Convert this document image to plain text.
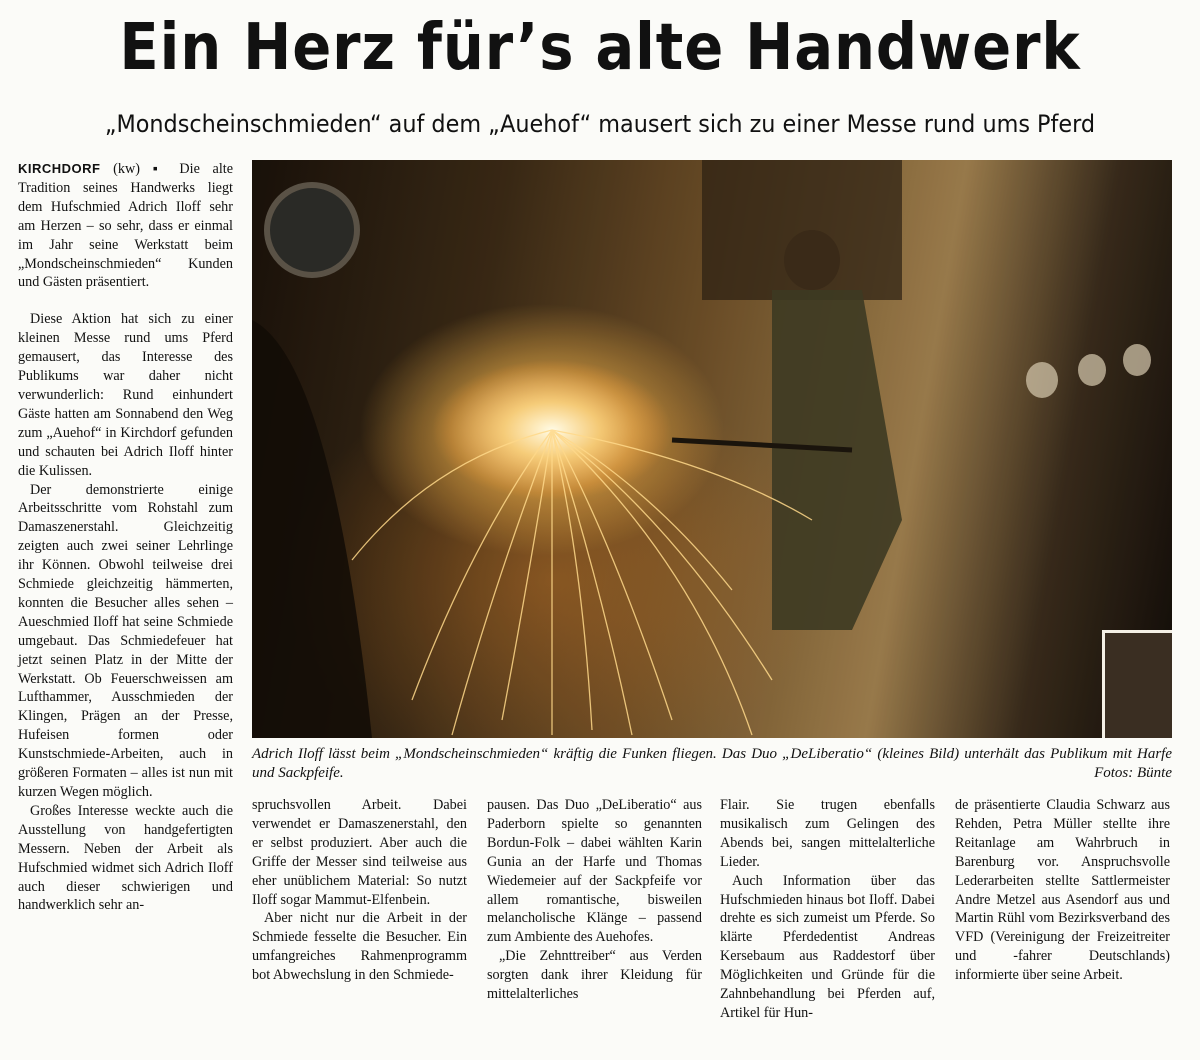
Ein Herz für’s alte Handwerk
„Mondscheinschmieden“ auf dem „Auehof“ mausert sich zu einer Messe rund ums Pferd

KIRCHDORF (kw) ▪ Die alte Tradition seines Handwerks liegt dem Hufschmied Adrich Iloff sehr am Herzen – so sehr, dass er einmal im Jahr seine Werkstatt beim „Mondscheinschmieden“ Kunden und Gästen präsentiert.

Diese Aktion hat sich zu einer kleinen Messe rund ums Pferd gemausert, das Interesse des Publikums war daher nicht verwunderlich: Rund einhundert Gäste hatten am Sonnabend den Weg zum „Auehof“ in Kirchdorf gefunden und schauten bei Adrich Iloff hinter die Kulissen.

Der demonstrierte einige Arbeitsschritte vom Rohstahl zum Damaszenerstahl. Gleichzeitig zeigten auch zwei seiner Lehrlinge ihr Können. Obwohl teilweise drei Schmiede gleichzeitig hämmerten, konnten die Besucher alles sehen – Aueschmied Iloff hat seine Schmiede umgebaut. Das Schmiedefeuer hat jetzt seinen Platz in der Mitte der Werkstatt. Ob Feuerschweissen am Lufthammer, Ausschmieden der Klingen, Prägen an der Presse, Hufeisen formen oder Kunstschmiede-Arbeiten, auch in größeren Formaten – alles ist nun mit kurzen Wegen möglich.

Großes Interesse weckte auch die Ausstellung von handgefertigten Messern. Neben der Arbeit als Hufschmied widmet sich Adrich Iloff auch dieser schwierigen und handwerklich sehr an-

Adrich Iloff lässt beim „Mondscheinschmieden“ kräftig die Funken fliegen. Das Duo „DeLiberatio“ (kleines Bild) unterhält das Publikum mit Harfe und Sackpfeife.	Fotos: Bünte

spruchsvollen Arbeit. Dabei verwendet er Damaszenerstahl, den er selbst produziert. Aber auch die Griffe der Messer sind teilweise aus eher unüblichem Material: So nutzt Iloff sogar Mammut-Elfenbein.

Aber nicht nur die Arbeit in der Schmiede fesselte die Besucher. Ein umfangreiches Rahmenprogramm bot Abwechslung in den Schmiede-

pausen. Das Duo „DeLiberatio“ aus Paderborn spielte so genannten Bordun-Folk – dabei wählten Karin Gunia an der Harfe und Thomas Wiedemeier auf der Sackpfeife vor allem romantische, bisweilen melancholische Klänge – passend zum Ambiente des Auehofes.

„Die Zehnttreiber“ aus Verden sorgten dank ihrer Kleidung für mittelalterliches

Flair. Sie trugen ebenfalls musikalisch zum Gelingen des Abends bei, sangen mittelalterliche Lieder.

Auch Information über das Hufschmieden hinaus bot Iloff. Dabei drehte es sich zumeist um Pferde. So klärte Pferdedentist Andreas Kersebaum aus Raddestorf über Möglichkeiten und Gründe für die Zahnbehandlung bei Pferden auf, Artikel für Hun-

de präsentierte Claudia Schwarz aus Rehden, Petra Müller stellte ihre Reitanlage am Wahrbruch in Barenburg vor. Anspruchsvolle Lederarbeiten stellte Sattlermeister Andre Metzel aus Asendorf aus und Martin Rühl vom Bezirksverband des VFD (Vereinigung der Freizeitreiter und -fahrer Deutschlands) informierte über seine Arbeit.
